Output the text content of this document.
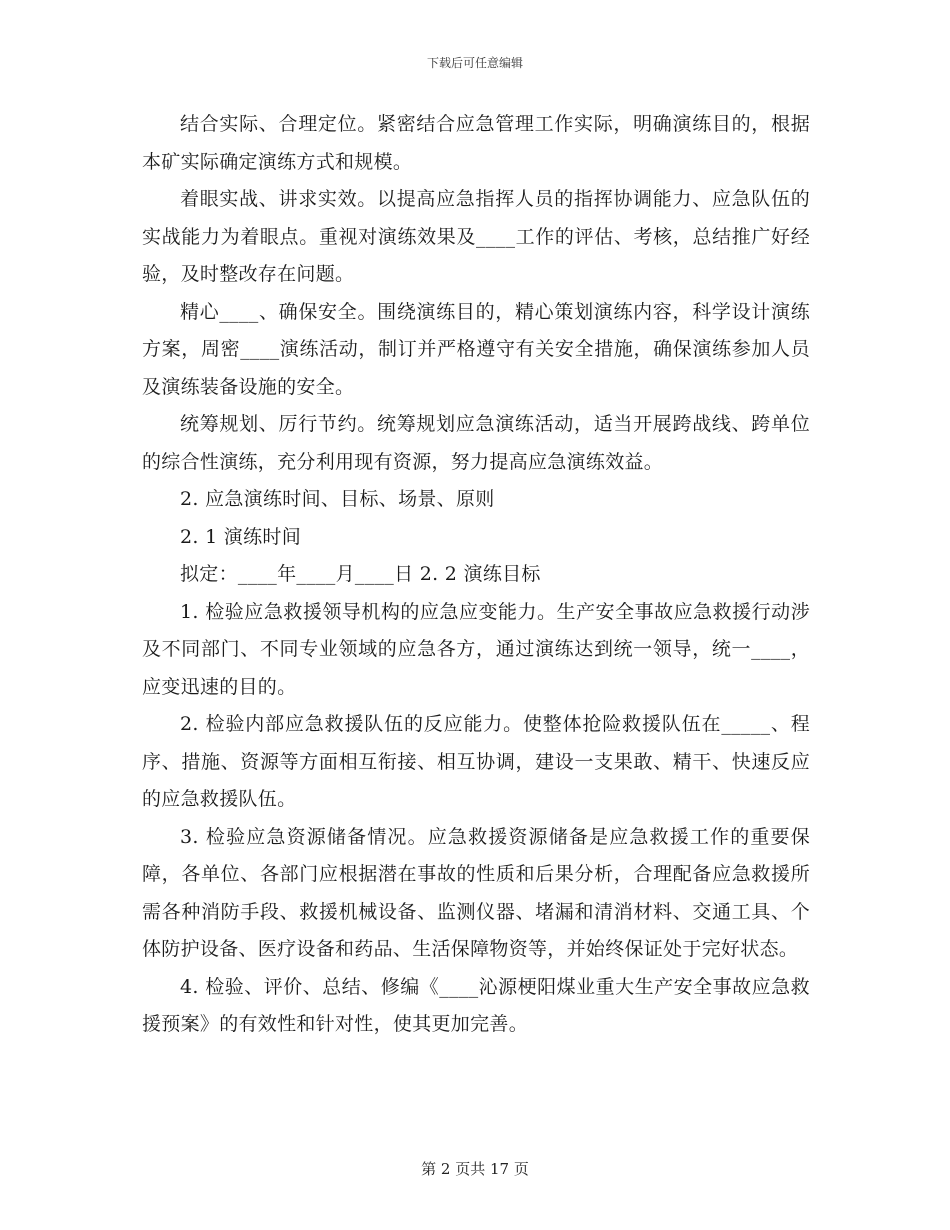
下载后可任意编辑

结合实际、合理定位。紧密结合应急管理工作实际，明确演练目的，根据本矿实际确定演练方式和规模。

着眼实战、讲求实效。以提高应急指挥人员的指挥协调能力、应急队伍的实战能力为着眼点。重视对演练效果及____工作的评估、考核，总结推广好经验，及时整改存在问题。

精心____、确保安全。围绕演练目的，精心策划演练内容，科学设计演练方案，周密____演练活动，制订并严格遵守有关安全措施，确保演练参加人员及演练装备设施的安全。

统筹规划、厉行节约。统筹规划应急演练活动，适当开展跨战线、跨单位的综合性演练，充分利用现有资源，努力提高应急演练效益。

2. 应急演练时间、目标、场景、原则

2. 1 演练时间

拟定：____年____月____日 2. 2 演练目标

1. 检验应急救援领导机构的应急应变能力。生产安全事故应急救援行动涉及不同部门、不同专业领域的应急各方，通过演练达到统一领导，统一____，应变迅速的目的。

2. 检验内部应急救援队伍的反应能力。使整体抢险救援队伍在_____、程序、措施、资源等方面相互衔接、相互协调，建设一支果敢、精干、快速反应的应急救援队伍。

3. 检验应急资源储备情况。应急救援资源储备是应急救援工作的重要保障，各单位、各部门应根据潜在事故的性质和后果分析，合理配备应急救援所需各种消防手段、救援机械设备、监测仪器、堵漏和清消材料、交通工具、个体防护设备、医疗设备和药品、生活保障物资等，并始终保证处于完好状态。

4. 检验、评价、总结、修编《____沁源梗阳煤业重大生产安全事故应急救援预案》的有效性和针对性，使其更加完善。

第 2 页共 17 页
